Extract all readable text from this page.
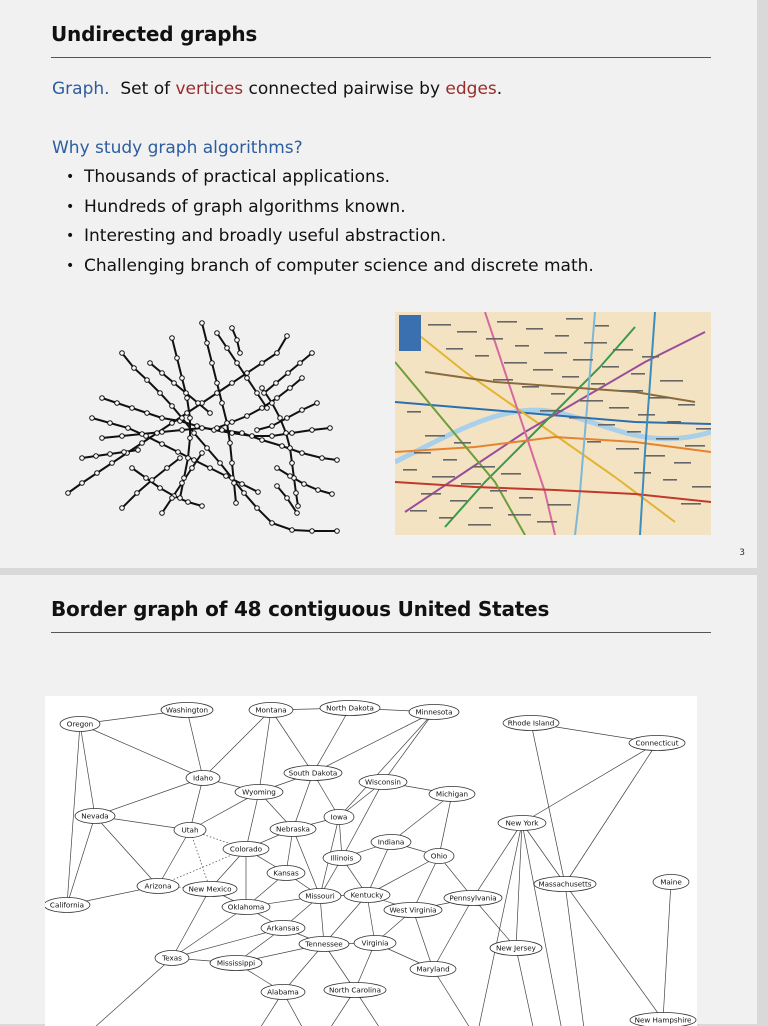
Undirected graphs

Graph. Set of vertices connected pairwise by edges.

Why study graph algorithms?

• Thousands of practical applications.
• Hundreds of graph algorithms known.
• Interesting and broadly useful abstraction.
• Challenging branch of computer science and discrete math.
3
Border graph of 48 contiguous United States
Oregon
Washington	Montana	North Dakota	Minnesota
Rhode Island
Connecticut
Idaho
South Dakota
Wyoming
Wisconsin
Michigan
Nevada
Utah
Iowa
Nebraska
New York
Colorado
Indiana
Illinois	Ohio
Kansas
Arizona New Mexico
Missouri Kentucky	Pennsylvania
Massachusetts	Maine
California	Oklahoma	West Virginia
Arkansas
Tennessee	Virginia
New Jersey
Texas
Mississippi
Maryland
Alabama	North Carolina
New Hampshire
